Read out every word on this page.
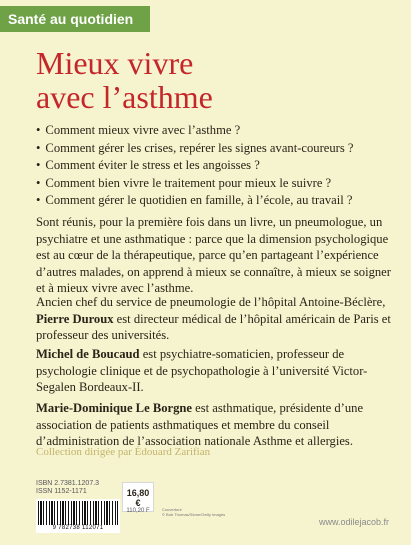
Santé au quotidien
Mieux vivre
avec l’asthme
• Comment mieux vivre avec l’asthme ?
• Comment gérer les crises, repérer les signes avant-coureurs ?
• Comment éviter le stress et les angoisses ?
• Comment bien vivre le traitement pour mieux le suivre ?
• Comment gérer le quotidien en famille, à l’école, au travail ?

Sont réunis, pour la première fois dans un livre, un pneumologue, un psychiatre et une asthmatique : parce que la dimension psychologique est au cœur de la thérapeutique, parce qu’en partageant l’expérience d’autres malades, on apprend à mieux se connaître, à mieux se soigner et à mieux vivre avec l’asthme.

Ancien chef du service de pneumologie de l’hôpital Antoine-Béclère, Pierre Duroux est directeur médical de l’hôpital américain de Paris et professeur des universités.

Michel de Boucaud est psychiatre-somaticien, professeur de psychologie clinique et de psychopathologie à l’université Victor-Segalen Bordeaux-II.

Marie-Dominique Le Borgne est asthmatique, présidente d’une association de patients asthmatiques et membre du conseil d’administration de l’association nationale Asthme et allergies.

Collection dirigée par Édouard Zarifian
ISBN 2.7381.1207.3
ISSN 1152-1171
9 782738 112071
16,80 €
110,20 F	Couverture
© Bob Thomas/Stone/Getty Images
www.odilejacob.fr
